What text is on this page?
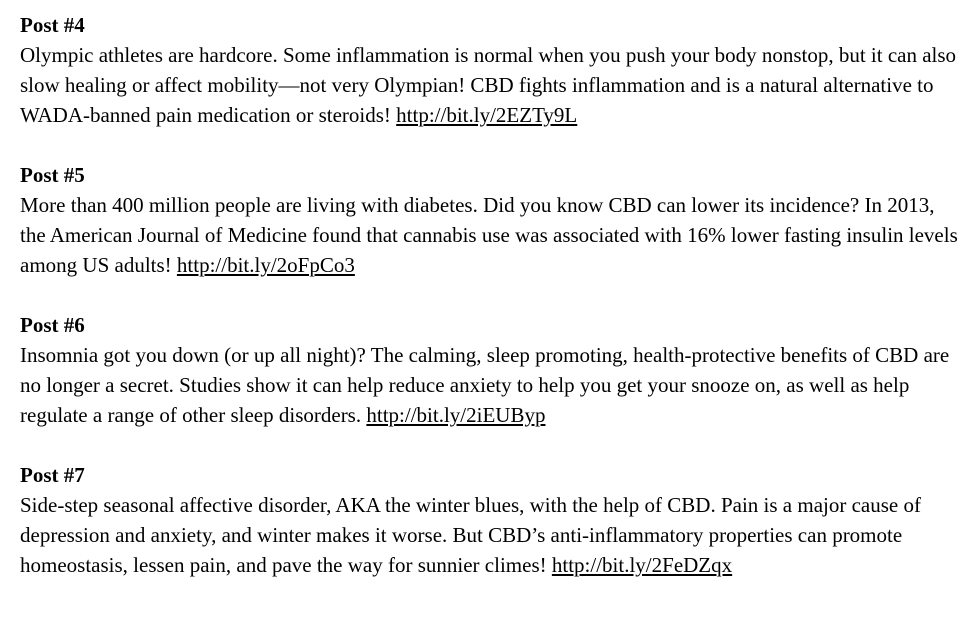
Post #4

Olympic athletes are hardcore. Some inflammation is normal when you push your body nonstop, but it can also slow healing or affect mobility—not very Olympian! CBD fights inflammation and is a natural alternative to WADA-banned pain medication or steroids! http://bit.ly/2EZTy9L

Post #5

More than 400 million people are living with diabetes. Did you know CBD can lower its incidence? In 2013, the American Journal of Medicine found that cannabis use was associated with 16% lower fasting insulin levels among US adults! http://bit.ly/2oFpCo3

Post #6

Insomnia got you down (or up all night)? The calming, sleep promoting, health-protective benefits of CBD are no longer a secret. Studies show it can help reduce anxiety to help you get your snooze on, as well as help regulate a range of other sleep disorders. http://bit.ly/2iEUByp

Post #7

Side-step seasonal affective disorder, AKA the winter blues, with the help of CBD. Pain is a major cause of depression and anxiety, and winter makes it worse. But CBD’s anti-inflammatory properties can promote homeostasis, lessen pain, and pave the way for sunnier climes! http://bit.ly/2FeDZqx
